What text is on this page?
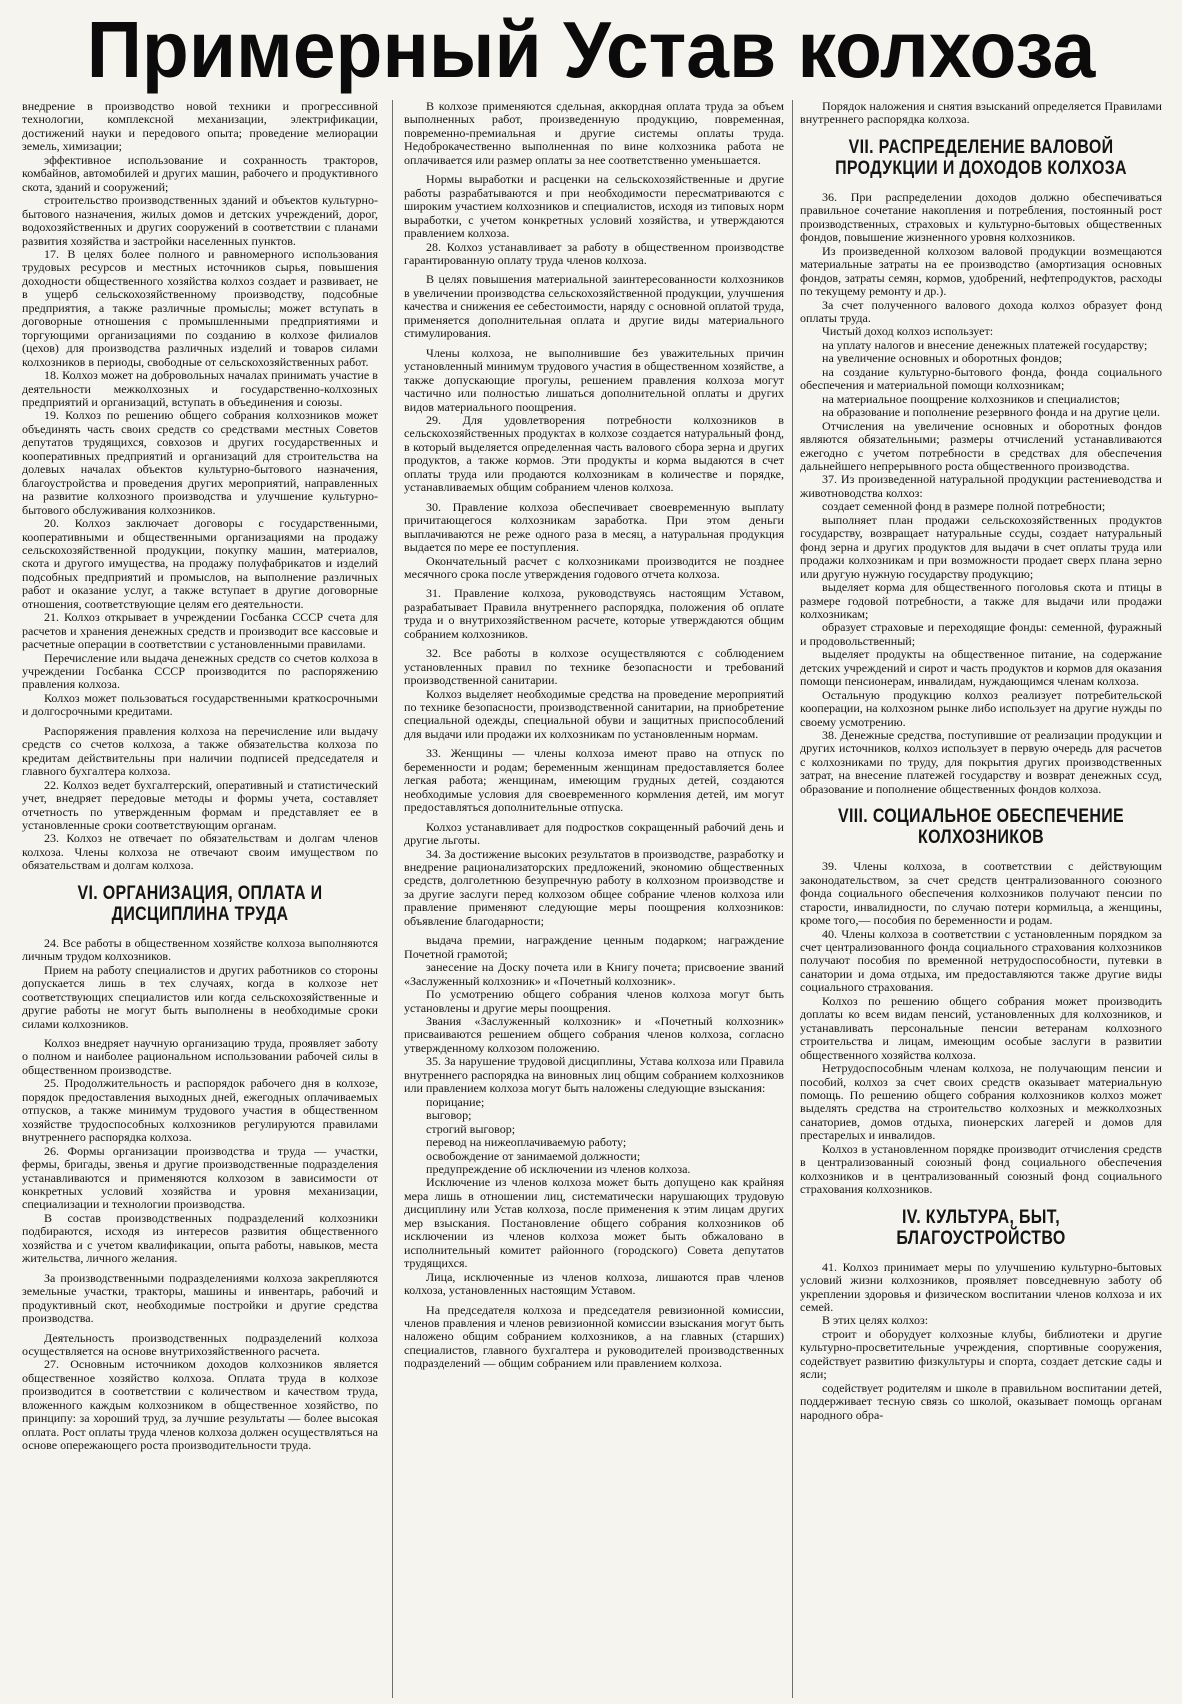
Примерный Устав колхоза

внедрение в производство новой техники и прогрессивной технологии, комплексной механизации, электрификации, достижений науки и передового опыта; проведение мелиорации земель, химизации;

эффективное использование и сохранность тракторов, комбайнов, автомобилей и других машин, рабочего и продуктивного скота, зданий и сооружений;

строительство производственных зданий и объектов культурно-бытового назначения, жилых домов и детских учреждений, дорог, водохозяйственных и других сооружений в соответствии с планами развития хозяйства и застройки населенных пунктов.

17. В целях более полного и равномерного использования трудовых ресурсов и местных источников сырья, повышения доходности общественного хозяйства колхоз создает и развивает, не в ущерб сельскохозяйственному производству, подсобные предприятия, а также различные промыслы; может вступать в договорные отношения с промышленными предприятиями и торгующими организациями по созданию в колхозе филиалов (цехов) для производства различных изделий и товаров силами колхозников в периоды, свободные от сельскохозяйственных работ.

18. Колхоз может на добровольных началах принимать участие в деятельности межколхозных и государственно-колхозных предприятий и организаций, вступать в объединения и союзы.

19. Колхоз по решению общего собрания колхозников может объединять часть своих средств со средствами местных Советов депутатов трудящихся, совхозов и других государственных и кооперативных предприятий и организаций для строительства на долевых началах объектов культурно-бытового назначения, благоустройства и проведения других мероприятий, направленных на развитие колхозного производства и улучшение культурно-бытового обслуживания колхозников.

20. Колхоз заключает договоры с государственными, кооперативными и общественными организациями на продажу сельскохозяйственной продукции, покупку машин, материалов, скота и другого имущества, на продажу полуфабрикатов и изделий подсобных предприятий и промыслов, на выполнение различных работ и оказание услуг, а также вступает в другие договорные отношения, соответствующие целям его деятельности.

21. Колхоз открывает в учреждении Госбанка СССР счета для расчетов и хранения денежных средств и производит все кассовые и расчетные операции в соответствии с установленными правилами.

Перечисление или выдача денежных средств со счетов колхоза в учреждении Госбанка СССР производится по распоряжению правления колхоза.

Колхоз может пользоваться государственными краткосрочными и долгосрочными кредитами.

Распоряжения правления колхоза на перечисление или выдачу средств со счетов колхоза, а также обязательства колхоза по кредитам действительны при наличии подписей председателя и главного бухгалтера колхоза.

22. Колхоз ведет бухгалтерский, оперативный и статистический учет, внедряет передовые методы и формы учета, составляет отчетность по утвержденным формам и представляет ее в установленные сроки соответствующим органам.

23. Колхоз не отвечает по обязательствам и долгам членов колхоза. Члены колхоза не отвечают своим имуществом по обязательствам и долгам колхоза.

VI. ОРГАНИЗАЦИЯ, ОПЛАТА И ДИСЦИПЛИНА ТРУДА

24. Все работы в общественном хозяйстве колхоза выполняются личным трудом колхозников.

Прием на работу специалистов и других работников со стороны допускается лишь в тех случаях, когда в колхозе нет соответствующих специалистов или когда сельскохозяйственные и другие работы не могут быть выполнены в необходимые сроки силами колхозников.

Колхоз внедряет научную организацию труда, проявляет заботу о полном и наиболее рациональном использовании рабочей силы в общественном производстве.

25. Продолжительность и распорядок рабочего дня в колхозе, порядок предоставления выходных дней, ежегодных оплачиваемых отпусков, а также минимум трудового участия в общественном хозяйстве трудоспособных колхозников регулируются правилами внутреннего распорядка колхоза.

26. Формы организации производства и труда — участки, фермы, бригады, звенья и другие производственные подразделения устанавливаются и применяются колхозом в зависимости от конкретных условий хозяйства и уровня механизации, специализации и технологии производства.

В состав производственных подразделений колхозники подбираются, исходя из интересов развития общественного хозяйства и с учетом квалификации, опыта работы, навыков, места жительства, личного желания.

За производственными подразделениями колхоза закрепляются земельные участки, тракторы, машины и инвентарь, рабочий и продуктивный скот, необходимые постройки и другие средства производства.

Деятельность производственных подразделений колхоза осуществляется на основе внутрихозяйственного расчета.

27. Основным источником доходов колхозников является общественное хозяйство колхоза. Оплата труда в колхозе производится в соответствии с количеством и качеством труда, вложенного каждым колхозником в общественное хозяйство, по принципу: за хороший труд, за лучшие результаты — более высокая оплата. Рост оплаты труда членов колхоза должен осуществляться на основе опережающего роста производительности труда.

В колхозе применяются сдельная, аккордная оплата труда за объем выполненных работ, произведенную продукцию, повременная, повременно-премиальная и другие системы оплаты труда. Недоброкачественно выполненная по вине колхозника работа не оплачивается или размер оплаты за нее соответственно уменьшается.

Нормы выработки и расценки на сельскохозяйственные и другие работы разрабатываются и при необходимости пересматриваются с широким участием колхозников и специалистов, исходя из типовых норм выработки, с учетом конкретных условий хозяйства, и утверждаются правлением колхоза.

28. Колхоз устанавливает за работу в общественном производстве гарантированную оплату труда членов колхоза.

В целях повышения материальной заинтересованности колхозников в увеличении производства сельскохозяйственной продукции, улучшения качества и снижения ее себестоимости, наряду с основной оплатой труда, применяется дополнительная оплата и другие виды материального стимулирования.

Члены колхоза, не выполнившие без уважительных причин установленный минимум трудового участия в общественном хозяйстве, а также допускающие прогулы, решением правления колхоза могут частично или полностью лишаться дополнительной оплаты и других видов материального поощрения.

29. Для удовлетворения потребности колхозников в сельскохозяйственных продуктах в колхозе создается натуральный фонд, в который выделяется определенная часть валового сбора зерна и других продуктов, а также кормов. Эти продукты и корма выдаются в счет оплаты труда или продаются колхозникам в количестве и порядке, устанавливаемых общим собранием членов колхоза.

30. Правление колхоза обеспечивает своевременную выплату причитающегося колхозникам заработка. При этом деньги выплачиваются не реже одного раза в месяц, а натуральная продукция выдается по мере ее поступления.

Окончательный расчет с колхозниками производится не позднее месячного срока после утверждения годового отчета колхоза.

31. Правление колхоза, руководствуясь настоящим Уставом, разрабатывает Правила внутреннего распорядка, положения об оплате труда и о внутрихозяйственном расчете, которые утверждаются общим собранием колхозников.

32. Все работы в колхозе осуществляются с соблюдением установленных правил по технике безопасности и требований производственной санитарии.

Колхоз выделяет необходимые средства на проведение мероприятий по технике безопасности, производственной санитарии, на приобретение специальной одежды, специальной обуви и защитных приспособлений для выдачи или продажи их колхозникам по установленным нормам.

33. Женщины — члены колхоза имеют право на отпуск по беременности и родам; беременным женщинам предоставляется более легкая работа; женщинам, имеющим грудных детей, создаются необходимые условия для своевременного кормления детей, им могут предоставляться дополнительные отпуска.

Колхоз устанавливает для подростков сокращенный рабочий день и другие льготы.

34. За достижение высоких результатов в производстве, разработку и внедрение рационализаторских предложений, экономию общественных средств, долголетнюю безупречную работу в колхозном производстве и за другие заслуги перед колхозом общее собрание членов колхоза или правление применяют следующие меры поощрения колхозников: объявление благодарности;

выдача премии, награждение ценным подарком; награждение Почетной грамотой;

занесение на Доску почета или в Книгу почета; присвоение званий «Заслуженный колхозник» и «Почетный колхозник».

По усмотрению общего собрания членов колхоза могут быть установлены и другие меры поощрения.

Звания «Заслуженный колхозник» и «Почетный колхозник» присваиваются решением общего собрания членов колхоза, согласно утвержденному колхозом положению.

35. За нарушение трудовой дисциплины, Устава колхоза или Правила внутреннего распорядка на виновных лиц общим собранием колхозников или правлением колхоза могут быть наложены следующие взыскания:

порицание;

выговор;

строгий выговор;

перевод на нижеоплачиваемую работу;

освобождение от занимаемой должности;

предупреждение об исключении из членов колхоза.

Исключение из членов колхоза может быть допущено как крайняя мера лишь в отношении лиц, систематически нарушающих трудовую дисциплину или Устав колхоза, после применения к этим лицам других мер взыскания. Постановление общего собрания колхозников об исключении из членов колхоза может быть обжаловано в исполнительный комитет районного (городского) Совета депутатов трудящихся.

Лица, исключенные из членов колхоза, лишаются прав членов колхоза, установленных настоящим Уставом.

На председателя колхоза и председателя ревизионной комиссии, членов правления и членов ревизионной комиссии взыскания могут быть наложено общим собранием колхозников, а на главных (старших) специалистов, главного бухгалтера и руководителей производственных подразделений — общим собранием или правлением колхоза.

Порядок наложения и снятия взысканий определяется Правилами внутреннего распорядка колхоза.

VII. РАСПРЕДЕЛЕНИЕ ВАЛОВОЙ ПРОДУКЦИИ И ДОХОДОВ КОЛХОЗА

36. При распределении доходов должно обеспечиваться правильное сочетание накопления и потребления, постоянный рост производственных, страховых и культурно-бытовых общественных фондов, повышение жизненного уровня колхозников.

Из произведенной колхозом валовой продукции возмещаются материальные затраты на ее производство (амортизация основных фондов, затраты семян, кормов, удобрений, нефтепродуктов, расходы по текущему ремонту и др.).

За счет полученного валового дохода колхоз образует фонд оплаты труда.

Чистый доход колхоз использует:

на уплату налогов и внесение денежных платежей государству;

на увеличение основных и оборотных фондов;

на создание культурно-бытового фонда, фонда социального обеспечения и материальной помощи колхозникам;

на материальное поощрение колхозников и специалистов;

на образование и пополнение резервного фонда и на другие цели.

Отчисления на увеличение основных и оборотных фондов являются обязательными; размеры отчислений устанавливаются ежегодно с учетом потребности в средствах для обеспечения дальнейшего непрерывного роста общественного производства.

37. Из произведенной натуральной продукции растениеводства и животноводства колхоз:

создает семенной фонд в размере полной потребности;

выполняет план продажи сельскохозяйственных продуктов государству, возвращает натуральные ссуды, создает натуральный фонд зерна и других продуктов для выдачи в счет оплаты труда или продажи колхозникам и при возможности продает сверх плана зерно или другую нужную государству продукцию;

выделяет корма для общественного поголовья скота и птицы в размере годовой потребности, а также для выдачи или продажи колхозникам;

образует страховые и переходящие фонды: семенной, фуражный и продовольственный;

выделяет продукты на общественное питание, на содержание детских учреждений и сирот и часть продуктов и кормов для оказания помощи пенсионерам, инвалидам, нуждающимся членам колхоза.

Остальную продукцию колхоз реализует потребительской кооперации, на колхозном рынке либо использует на другие нужды по своему усмотрению.

38. Денежные средства, поступившие от реализации продукции и других источников, колхоз использует в первую очередь для расчетов с колхозниками по труду, для покрытия других производственных затрат, на внесение платежей государству и возврат денежных ссуд, образование и пополнение общественных фондов колхоза.

VIII. СОЦИАЛЬНОЕ ОБЕСПЕЧЕНИЕ КОЛХОЗНИКОВ

39. Члены колхоза, в соответствии с действующим законодательством, за счет средств централизованного союзного фонда социального обеспечения колхозников получают пенсии по старости, инвалидности, по случаю потери кормильца, а женщины, кроме того,— пособия по беременности и родам.

40. Члены колхоза в соответствии с установленным порядком за счет централизованного фонда социального страхования колхозников получают пособия по временной нетрудоспособности, путевки в санатории и дома отдыха, им предоставляются также другие виды социального страхования.

Колхоз по решению общего собрания может производить доплаты ко всем видам пенсий, установленных для колхозников, и устанавливать персональные пенсии ветеранам колхозного строительства и лицам, имеющим особые заслуги в развитии общественного хозяйства колхоза.

Нетрудоспособным членам колхоза, не получающим пенсии и пособий, колхоз за счет своих средств оказывает материальную помощь. По решению общего собрания колхозников колхоз может выделять средства на строительство колхозных и межколхозных санаториев, домов отдыха, пионерских лагерей и домов для престарелых и инвалидов.

Колхоз в установленном порядке производит отчисления средств в централизованный союзный фонд социального обеспечения колхозников и в централизованный союзный фонд социального страхования колхозников.

IV. КУЛЬТУРА, БЫТ, БЛАГОУСТРОЙСТВО

41. Колхоз принимает меры по улучшению культурно-бытовых условий жизни колхозников, проявляет повседневную заботу об укреплении здоровья и физическом воспитании членов колхоза и их семей.

В этих целях колхоз:

строит и оборудует колхозные клубы, библиотеки и другие культурно-просветительные учреждения, спортивные сооружения, содействует развитию физкультуры и спорта, создает детские сады и ясли;

содействует родителям и школе в правильном воспитании детей, поддерживает тесную связь со школой, оказывает помощь органам народного обра-
